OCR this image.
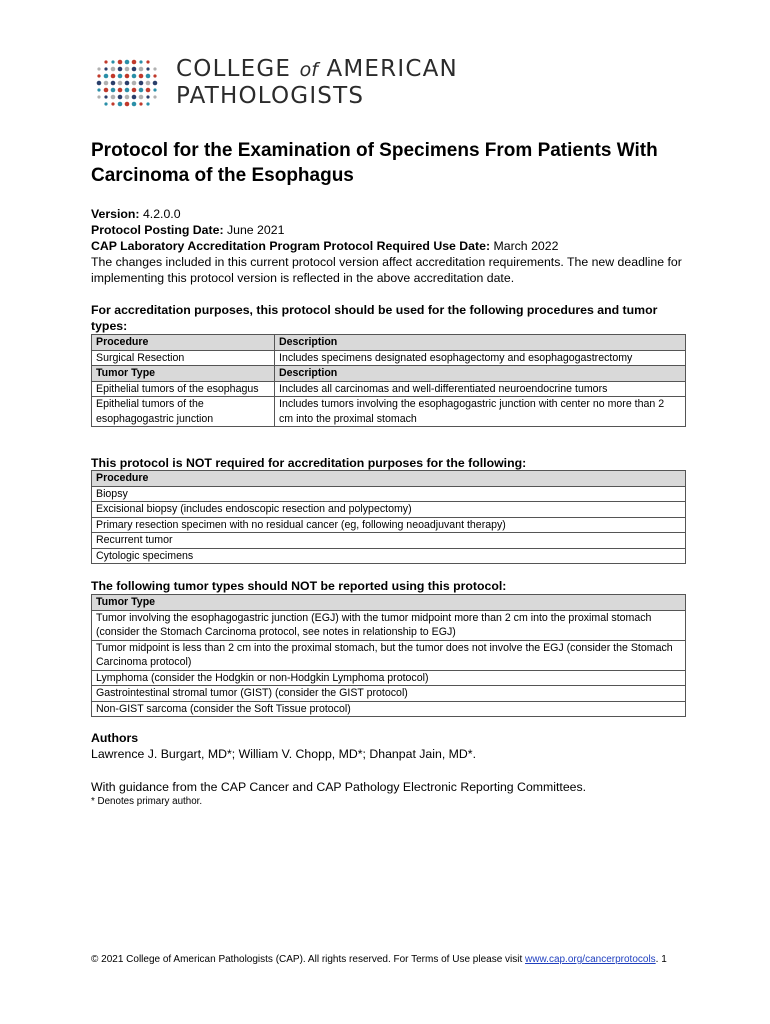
COLLEGE of AMERICAN
PATHOLOGISTS
Protocol for the Examination of Specimens From Patients With Carcinoma of the Esophagus
Version: 4.2.0.0
Protocol Posting Date: June 2021
CAP Laboratory Accreditation Program Protocol Required Use Date: March 2022
The changes included in this current protocol version affect accreditation requirements. The new deadline for implementing this protocol version is reflected in the above accreditation date.

For accreditation purposes, this protocol should be used for the following procedures and tumor types:

Procedure	Description
Surgical Resection	Includes specimens designated esophagectomy and esophagogastrectomy
Tumor Type	Description
Epithelial tumors of the esophagus	Includes all carcinomas and well-differentiated neuroendocrine tumors
Epithelial tumors of the esophagogastric junction	Includes tumors involving the esophagogastric junction with center no more than 2 cm into the proximal stomach

This protocol is NOT required for accreditation purposes for the following:

Procedure
Biopsy
Excisional biopsy (includes endoscopic resection and polypectomy)
Primary resection specimen with no residual cancer (eg, following neoadjuvant therapy)
Recurrent tumor
Cytologic specimens

The following tumor types should NOT be reported using this protocol:

Tumor Type
Tumor involving the esophagogastric junction (EGJ) with the tumor midpoint more than 2 cm into the proximal stomach (consider the Stomach Carcinoma protocol, see notes in relationship to EGJ)
Tumor midpoint is less than 2 cm into the proximal stomach, but the tumor does not involve the EGJ (consider the Stomach Carcinoma protocol)
Lymphoma (consider the Hodgkin or non-Hodgkin Lymphoma protocol)
Gastrointestinal stromal tumor (GIST) (consider the GIST protocol)
Non-GIST sarcoma (consider the Soft Tissue protocol)
Authors
Lawrence J. Burgart, MD*; William V. Chopp, MD*; Dhanpat Jain, MD*.
With guidance from the CAP Cancer and CAP Pathology Electronic Reporting Committees.
* Denotes primary author.
© 2021 College of American Pathologists (CAP). All rights reserved. For Terms of Use please visit www.cap.org/cancerprotocols. 1
